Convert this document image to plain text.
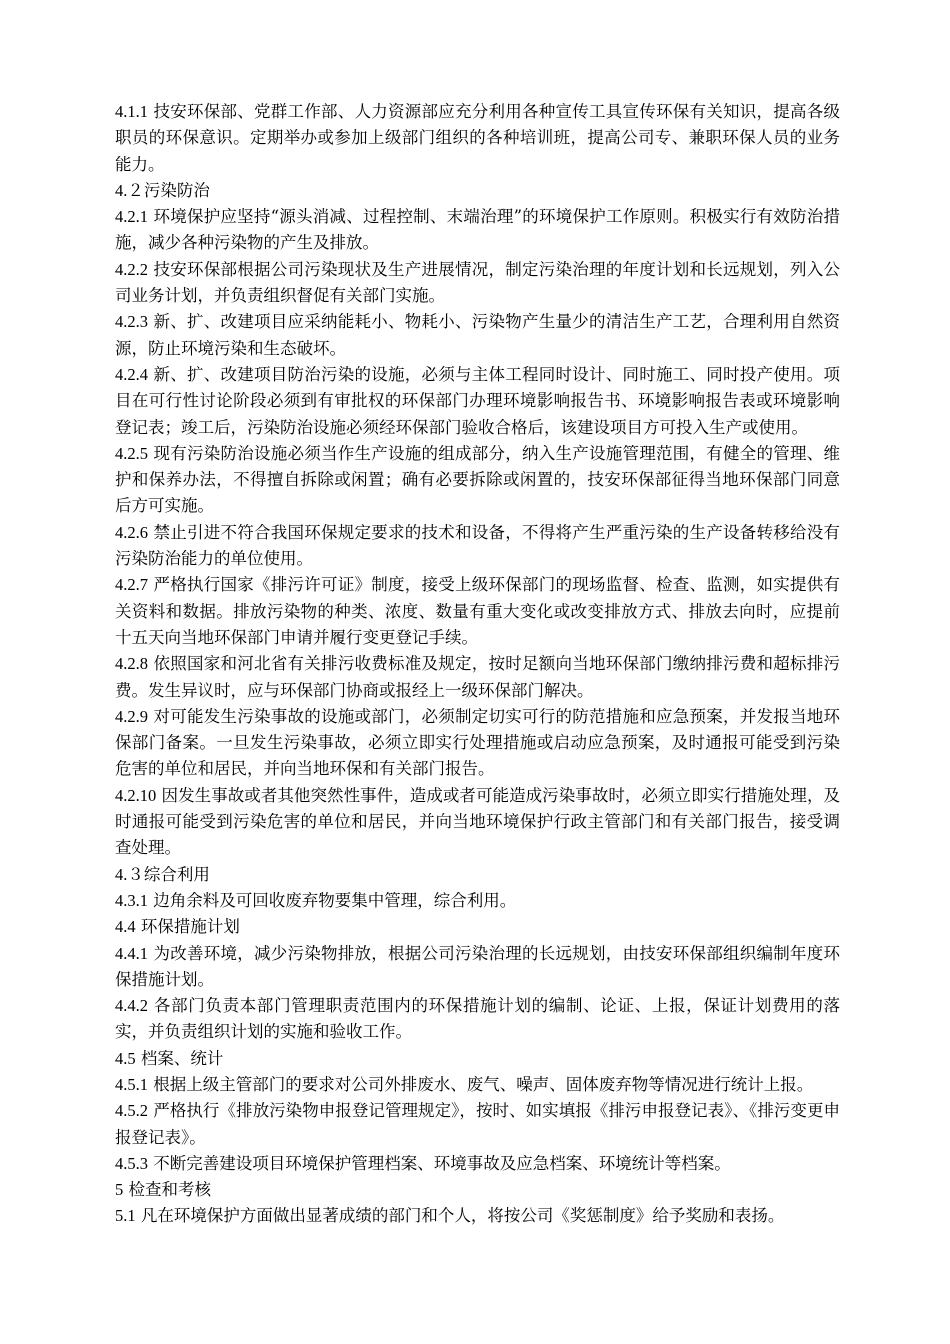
4.1.1 技安环保部、党群工作部、人力资源部应充分利用各种宣传工具宣传环保有关知识，提高各级职员的环保意识。定期举办或参加上级部门组织的各种培训班，提高公司专、兼职环保人员的业务能力。

4.２污染防治

4.2.1 环境保护应坚持“源头消减、过程控制、末端治理”的环境保护工作原则。积极实行有效防治措施，减少各种污染物的产生及排放。

4.2.2 技安环保部根据公司污染现状及生产进展情况，制定污染治理的年度计划和长远规划，列入公司业务计划，并负责组织督促有关部门实施。

4.2.3 新、扩、改建项目应采纳能耗小、物耗小、污染物产生量少的清洁生产工艺，合理利用自然资源，防止环境污染和生态破坏。

4.2.4 新、扩、改建项目防治污染的设施，必须与主体工程同时设计、同时施工、同时投产使用。项目在可行性讨论阶段必须到有审批权的环保部门办理环境影响报告书、环境影响报告表或环境影响登记表；竣工后，污染防治设施必须经环保部门验收合格后，该建设项目方可投入生产或使用。

4.2.5 现有污染防治设施必须当作生产设施的组成部分，纳入生产设施管理范围，有健全的管理、维护和保养办法，不得擅自拆除或闲置；确有必要拆除或闲置的，技安环保部征得当地环保部门同意后方可实施。

4.2.6 禁止引进不符合我国环保规定要求的技术和设备，不得将产生严重污染的生产设备转移给没有污染防治能力的单位使用。

4.2.7 严格执行国家《排污许可证》制度，接受上级环保部门的现场监督、检查、监测，如实提供有关资料和数据。排放污染物的种类、浓度、数量有重大变化或改变排放方式、排放去向时，应提前十五天向当地环保部门申请并履行变更登记手续。

4.2.8 依照国家和河北省有关排污收费标准及规定，按时足额向当地环保部门缴纳排污费和超标排污费。发生异议时，应与环保部门协商或报经上一级环保部门解决。

4.2.9 对可能发生污染事故的设施或部门，必须制定切实可行的防范措施和应急预案，并发报当地环保部门备案。一旦发生污染事故，必须立即实行处理措施或启动应急预案，及时通报可能受到污染危害的单位和居民，并向当地环保和有关部门报告。

4.2.10 因发生事故或者其他突然性事件，造成或者可能造成污染事故时，必须立即实行措施处理，及时通报可能受到污染危害的单位和居民，并向当地环境保护行政主管部门和有关部门报告，接受调查处理。

4.３综合利用

4.3.1 边角余料及可回收废弃物要集中管理，综合利用。

4.4 环保措施计划

4.4.1 为改善环境，减少污染物排放，根据公司污染治理的长远规划，由技安环保部组织编制年度环保措施计划。

4.4.2 各部门负责本部门管理职责范围内的环保措施计划的编制、论证、上报，保证计划费用的落实，并负责组织计划的实施和验收工作。

4.5 档案、统计

4.5.1 根据上级主管部门的要求对公司外排废水、废气、噪声、固体废弃物等情况进行统计上报。

4.5.2 严格执行《排放污染物申报登记管理规定》，按时、如实填报《排污申报登记表》、《排污变更申报登记表》。

4.5.3 不断完善建设项目环境保护管理档案、环境事故及应急档案、环境统计等档案。

5 检查和考核

5.1 凡在环境保护方面做出显著成绩的部门和个人，将按公司《奖惩制度》给予奖励和表扬。
